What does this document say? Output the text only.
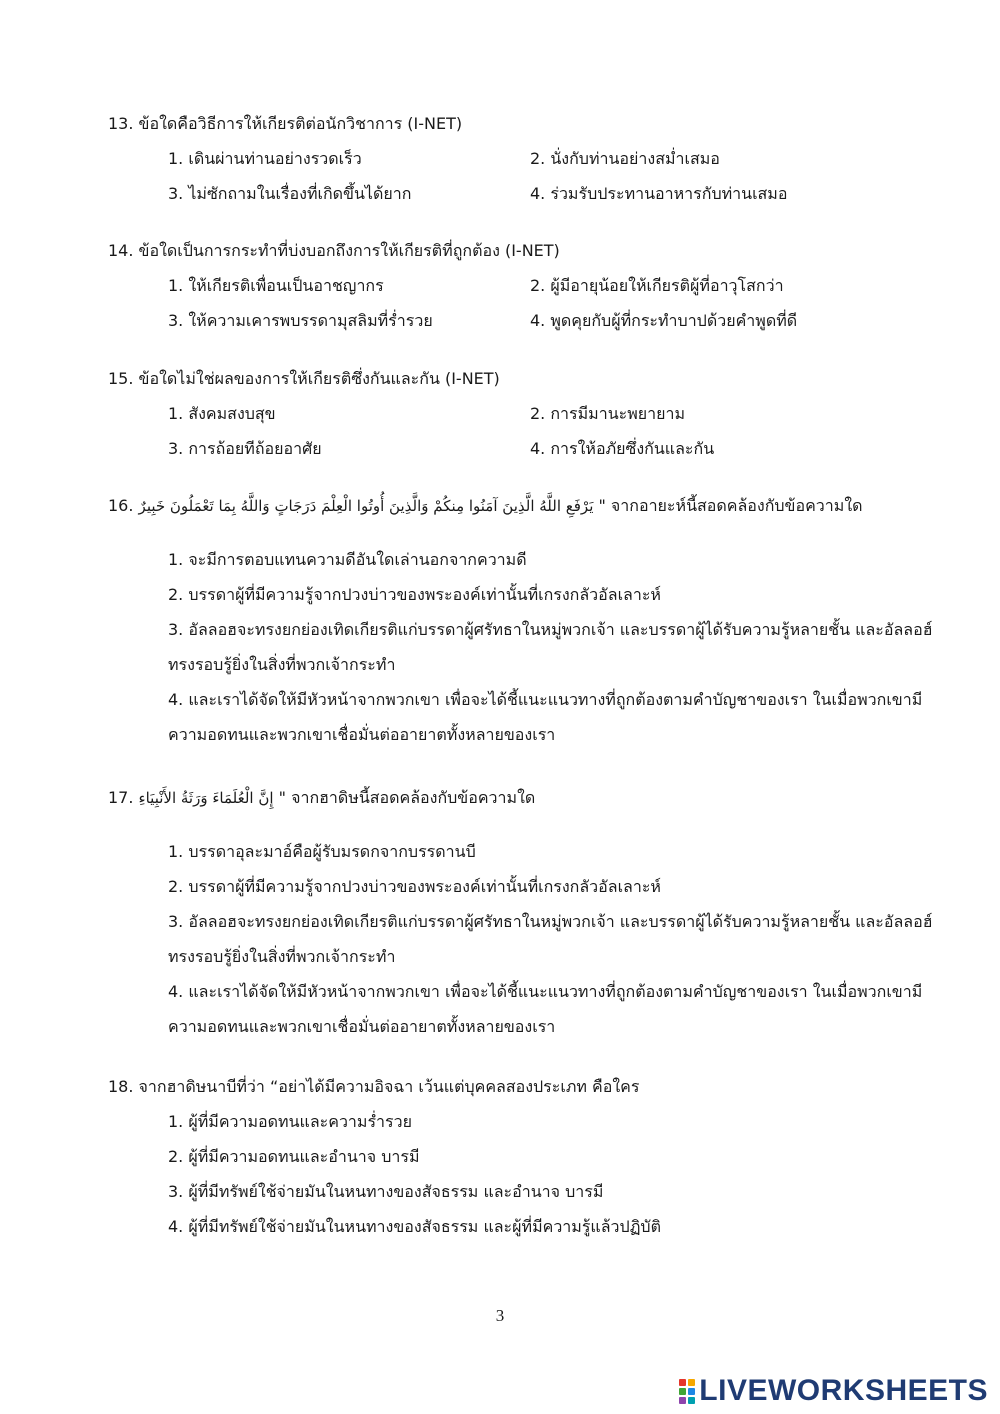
13. ข้อใดคือวิธีการให้เกียรติต่อนักวิชาการ (I-NET)
1. เดินผ่านท่านอย่างรวดเร็ว	2. นั่งกับท่านอย่างสม่ำเสมอ
3. ไม่ซักถามในเรื่องที่เกิดขึ้นได้ยาก	4. ร่วมรับประทานอาหารกับท่านเสมอ
14. ข้อใดเป็นการกระทำที่บ่งบอกถึงการให้เกียรติที่ถูกต้อง (I-NET)
1. ให้เกียรติเพื่อนเป็นอาชญากร	2. ผู้มีอายุน้อยให้เกียรติผู้ที่อาวุโสกว่า
3. ให้ความเคารพบรรดามุสลิมที่ร่ำรวย	4. พูดคุยกับผู้ที่กระทำบาปด้วยคำพูดที่ดี
15. ข้อใดไม่ใช่ผลของการให้เกียรติซึ่งกันและกัน (I-NET)
1. สังคมสงบสุข	2. การมีมานะพยายาม
3. การถ้อยทีถ้อยอาศัย	4. การให้อภัยซึ่งกันและกัน
16. يَرْفَعِ اللَّهُ الَّذِينَ آمَنُوا مِنكُمْ وَالَّذِينَ أُوتُوا الْعِلْمَ دَرَجَاتٍ وَاللَّهُ بِمَا تَعْمَلُونَ خَبِيرٌ " จากอายะห์นี้สอดคล้องกับข้อความใด
1. จะมีการตอบแทนความดีอันใดเล่านอกจากความดี
2. บรรดาผู้ที่มีความรู้จากปวงบ่าวของพระองค์เท่านั้นที่เกรงกลัวอัลเลาะห์
3. อัลลอฮจะทรงยกย่องเทิดเกียรติแก่บรรดาผู้ศรัทธาในหมู่พวกเจ้า และบรรดาผู้ได้รับความรู้หลายชั้น และอัลลอฮ์ทรงรอบรู้ยิ่งในสิ่งที่พวกเจ้ากระทำ
4. และเราได้จัดให้มีหัวหน้าจากพวกเขา เพื่อจะได้ชี้แนะแนวทางที่ถูกต้องตามคำบัญชาของเรา ในเมื่อพวกเขามีความอดทนและพวกเขาเชื่อมั่นต่ออายาตทั้งหลายของเรา
17. إِنَّ الْعُلَمَاءَ وَرَثَةُ الأَنْبِيَاءِ " จากฮาดิษนี้สอดคล้องกับข้อความใด
1. บรรดาอุละมาอ์คือผู้รับมรดกจากบรรดานบี
2. บรรดาผู้ที่มีความรู้จากปวงบ่าวของพระองค์เท่านั้นที่เกรงกลัวอัลเลาะห์
3. อัลลอฮจะทรงยกย่องเทิดเกียรติแก่บรรดาผู้ศรัทธาในหมู่พวกเจ้า และบรรดาผู้ได้รับความรู้หลายชั้น และอัลลอฮ์ทรงรอบรู้ยิ่งในสิ่งที่พวกเจ้ากระทำ
4. และเราได้จัดให้มีหัวหน้าจากพวกเขา เพื่อจะได้ชี้แนะแนวทางที่ถูกต้องตามคำบัญชาของเรา ในเมื่อพวกเขามีความอดทนและพวกเขาเชื่อมั่นต่ออายาตทั้งหลายของเรา
18. จากฮาดิษนาบีที่ว่า “อย่าได้มีความอิจฉา เว้นแต่บุคคลสองประเภท คือใคร
1. ผู้ที่มีความอดทนและความร่ำรวย
2. ผู้ที่มีความอดทนและอำนาจ บารมี
3. ผู้ที่มีทรัพย์ใช้จ่ายมันในหนทางของสัจธรรม และอำนาจ บารมี
4. ผู้ที่มีทรัพย์ใช้จ่ายมันในหนทางของสัจธรรม และผู้ที่มีความรู้แล้วปฏิบัติ
3
LIVEWORKSHEETS
